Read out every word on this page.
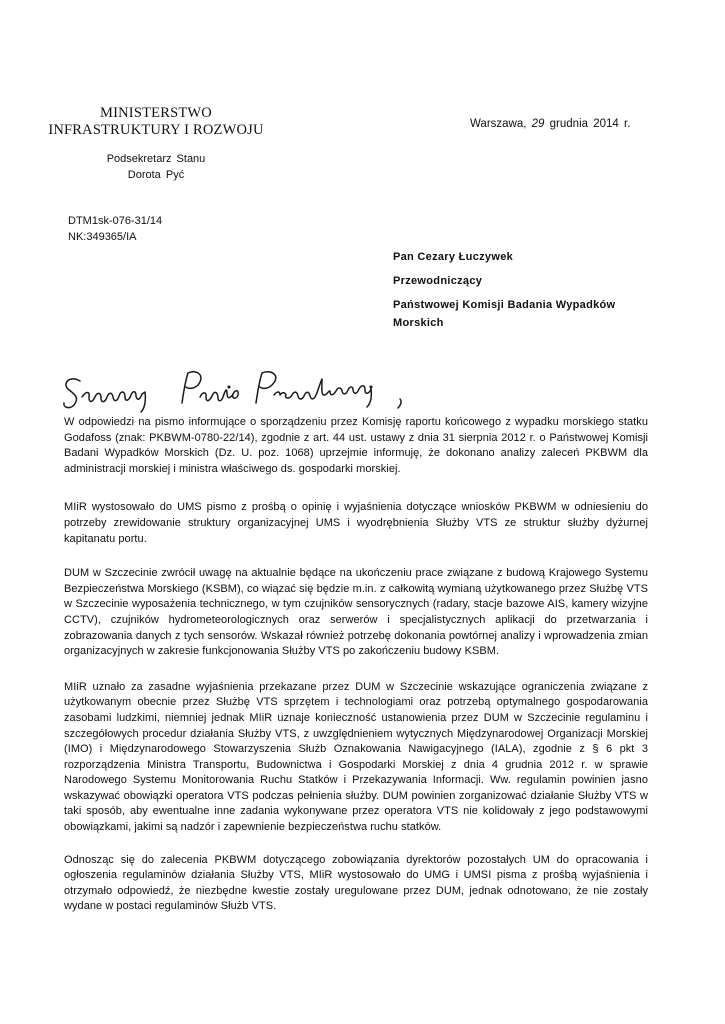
MINISTERSTWO
INFRASTRUKTURY I ROZWOJU	Warszawa, 29 grudnia 2014 r.
Podsekretarz Stanu
Dorota Pyć
DTM1sk-076-31/14
NK:349365/IA
Pan Cezary Łuczywek
Przewodniczący
Państwowej Komisji Badania Wypadków
Morskich

W odpowiedzi na pismo informujące o sporządzeniu przez Komisję raportu końcowego z wypadku morskiego statku Godafoss (znak: PKBWM-0780-22/14), zgodnie z art. 44 ust. ustawy z dnia 31 sierpnia 2012 r. o Państwowej Komisji Badani Wypadków Morskich (Dz. U. poz. 1068) uprzejmie informuję, że dokonano analizy zaleceń PKBWM dla administracji morskiej i ministra właściwego ds. gospodarki morskiej.

MIiR wystosowało do UMS pismo z prośbą o opinię i wyjaśnienia dotyczące wniosków PKBWM w odniesieniu do potrzeby zrewidowanie struktury organizacyjnej UMS i wyodrębnienia Służby VTS ze struktur służby dyżurnej kapitanatu portu.

DUM w Szczecinie zwrócił uwagę na aktualnie będące na ukończeniu prace związane z budową Krajowego Systemu Bezpieczeństwa Morskiego (KSBM), co wiązać się będzie m.in. z całkowitą wymianą użytkowanego przez Służbę VTS w Szczecinie wyposażenia technicznego, w tym czujników sensorycznych (radary, stacje bazowe AIS, kamery wizyjne CCTV), czujników hydrometeorologicznych oraz serwerów i specjalistycznych aplikacji do przetwarzania i zobrazowania danych z tych sensorów. Wskazał również potrzebę dokonania powtórnej analizy i wprowadzenia zmian organizacyjnych w zakresie funkcjonowania Służby VTS po zakończeniu budowy KSBM.

MIiR uznało za zasadne wyjaśnienia przekazane przez DUM w Szczecinie wskazujące ograniczenia związane z użytkowanym obecnie przez Służbę VTS sprzętem i technologiami oraz potrzebą optymalnego gospodarowania zasobami ludzkimi, niemniej jednak MIiR uznaje konieczność ustanowienia przez DUM w Szczecinie regulaminu i szczegółowych procedur działania Służby VTS, z uwzględnieniem wytycznych Międzynarodowej Organizacji Morskiej (IMO) i Międzynarodowego Stowarzyszenia Służb Oznakowania Nawigacyjnego (IALA), zgodnie z § 6 pkt 3 rozporządzenia Ministra Transportu, Budownictwa i Gospodarki Morskiej z dnia 4 grudnia 2012 r. w sprawie Narodowego Systemu Monitorowania Ruchu Statków i Przekazywania Informacji. Ww. regulamin powinien jasno wskazywać obowiązki operatora VTS podczas pełnienia służby. DUM powinien zorganizować działanie Służby VTS w taki sposób, aby ewentualne inne zadania wykonywane przez operatora VTS nie kolidowały z jego podstawowymi obowiązkami, jakimi są nadzór i zapewnienie bezpieczeństwa ruchu statków.

Odnosząc się do zalecenia PKBWM dotyczącego zobowiązania dyrektorów pozostałych UM do opracowania i ogłoszenia regulaminów działania Służby VTS, MIiR wystosowało do UMG i UMSI pisma z prośbą wyjaśnienia i otrzymało odpowiedź, że niezbędne kwestie zostały uregulowane przez DUM, jednak odnotowano, że nie zostały wydane w postaci regulaminów Służb VTS.
